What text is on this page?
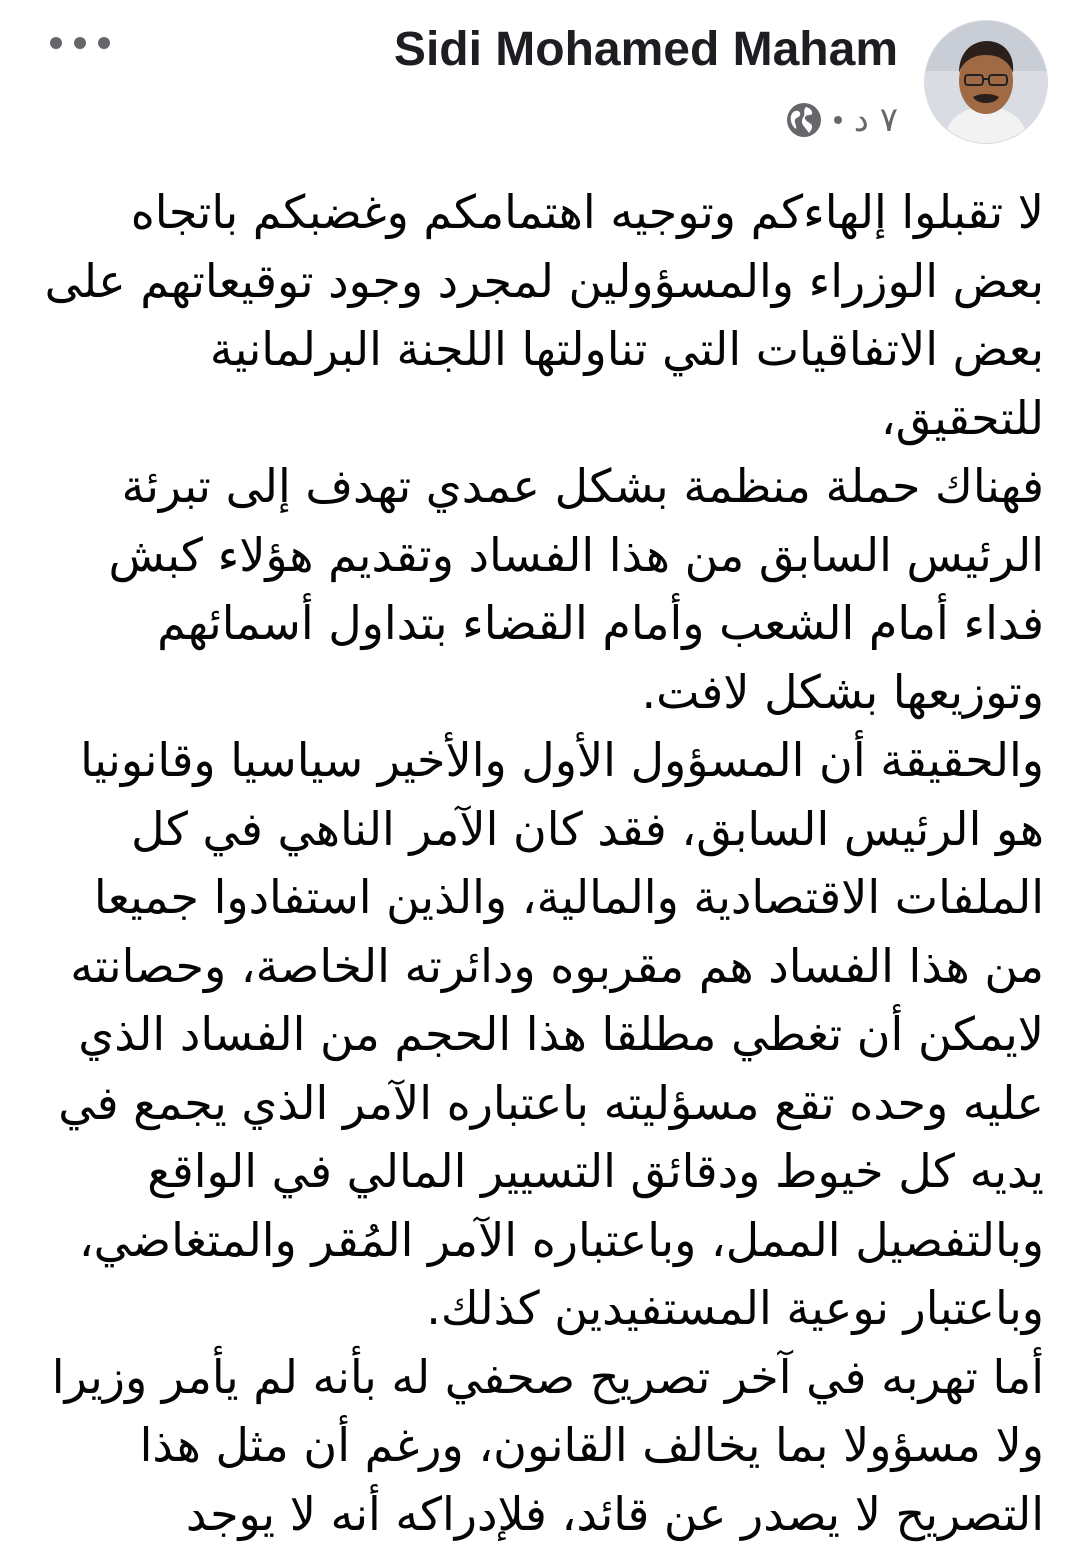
Sidi Mohamed Maham
٧ د
لا تقبلوا إلهاءكم وتوجيه اهتمامكم وغضبكم باتجاه بعض الوزراء والمسؤولين لمجرد وجود توقيعاتهم على بعض الاتفاقيات التي تناولتها اللجنة البرلمانية للتحقيق،
فهناك حملة منظمة بشكل عمدي تهدف إلى تبرئة الرئيس السابق من هذا الفساد وتقديم هؤلاء كبش فداء أمام الشعب وأمام القضاء بتداول أسمائهم وتوزيعها بشكل لافت.
والحقيقة أن المسؤول الأول والأخير سياسيا وقانونيا هو الرئيس السابق، فقد كان الآمر الناهي في كل الملفات الاقتصادية والمالية، والذين استفادوا جميعا من هذا الفساد هم مقربوه ودائرته الخاصة، وحصانته لايمكن أن تغطي مطلقا هذا الحجم من الفساد الذي عليه وحده تقع مسؤليته باعتباره الآمر الذي يجمع في يديه كل خيوط ودقائق التسيير المالي في الواقع وبالتفصيل الممل، وباعتباره الآمر المُقر والمتغاضي، وباعتبار نوعية المستفيدين كذلك.
أما تهربه في آخر تصريح صحفي له بأنه لم يأمر وزيرا ولا مسؤولا بما يخالف القانون، ورغم أن مثل هذا التصريح لا يصدر عن قائد، فلإدراكه أنه لا يوجد
